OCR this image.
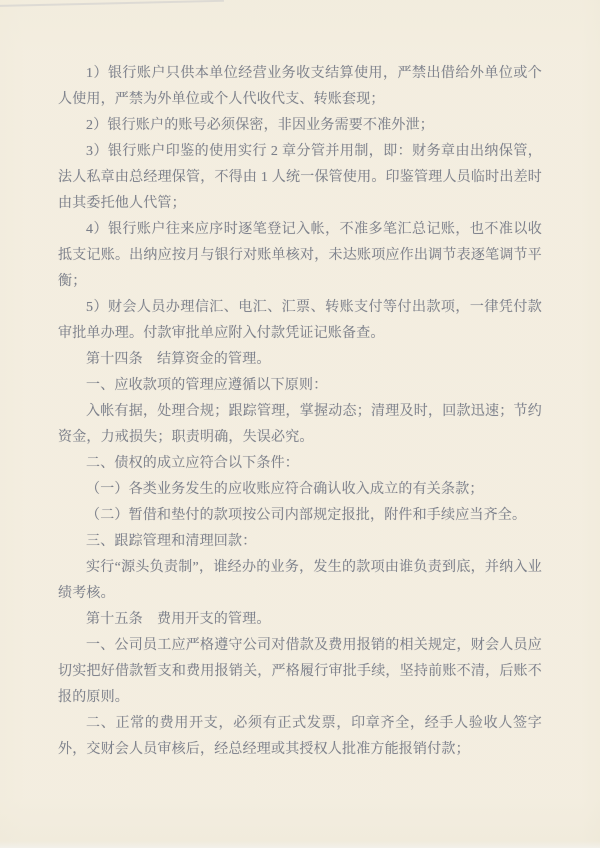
1）银行账户只供本单位经营业务收支结算使用，严禁出借给外单位或个人使用，严禁为外单位或个人代收代支、转账套现；

2）银行账户的账号必须保密，非因业务需要不准外泄；

3）银行账户印鉴的使用实行 2 章分管并用制，即：财务章由出纳保管，法人私章由总经理保管，不得由 1 人统一保管使用。印鉴管理人员临时出差时由其委托他人代管；

4）银行账户往来应序时逐笔登记入帐，不准多笔汇总记账，也不准以收抵支记账。出纳应按月与银行对账单核对，未达账项应作出调节表逐笔调节平衡；

5）财会人员办理信汇、电汇、汇票、转账支付等付出款项，一律凭付款审批单办理。付款审批单应附入付款凭证记账备查。

第十四条　结算资金的管理。

一、应收款项的管理应遵循以下原则：

入帐有据，处理合规；跟踪管理，掌握动态；清理及时，回款迅速；节约资金，力戒损失；职责明确，失误必究。

二、债权的成立应符合以下条件：

（一）各类业务发生的应收账应符合确认收入成立的有关条款；

（二）暂借和垫付的款项按公司内部规定报批，附件和手续应当齐全。

三、跟踪管理和清理回款：

实行“源头负责制”，谁经办的业务，发生的款项由谁负责到底，并纳入业绩考核。

第十五条　费用开支的管理。

一、公司员工应严格遵守公司对借款及费用报销的相关规定，财会人员应切实把好借款暂支和费用报销关，严格履行审批手续，坚持前账不清，后账不报的原则。

二、正常的费用开支，必须有正式发票，印章齐全，经手人验收人签字外，交财会人员审核后，经总经理或其授权人批准方能报销付款；
